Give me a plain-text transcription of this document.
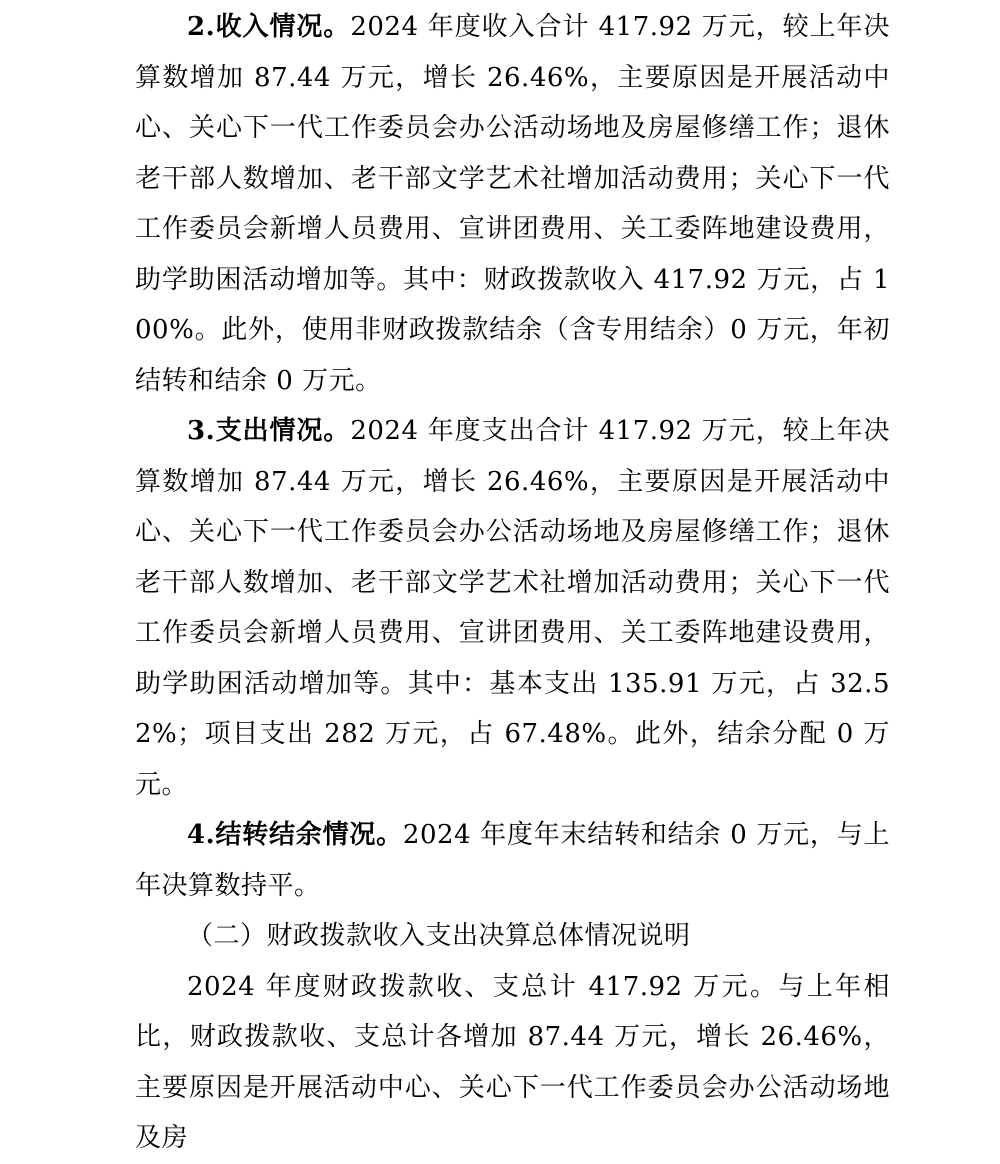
2.收入情况。2024 年度收入合计 417.92 万元，较上年决算数增加 87.44 万元，增长 26.46%，主要原因是开展活动中心、关心下一代工作委员会办公活动场地及房屋修缮工作；退休老干部人数增加、老干部文学艺术社增加活动费用；关心下一代工作委员会新增人员费用、宣讲团费用、关工委阵地建设费用，助学助困活动增加等。其中：财政拨款收入 417.92 万元，占 100%。此外，使用非财政拨款结余（含专用结余）0 万元，年初结转和结余 0 万元。

3.支出情况。2024 年度支出合计 417.92 万元，较上年决算数增加 87.44 万元，增长 26.46%，主要原因是开展活动中心、关心下一代工作委员会办公活动场地及房屋修缮工作；退休老干部人数增加、老干部文学艺术社增加活动费用；关心下一代工作委员会新增人员费用、宣讲团费用、关工委阵地建设费用，助学助困活动增加等。其中：基本支出 135.91 万元，占 32.52%；项目支出 282 万元，占 67.48%。此外，结余分配 0 万元。

4.结转结余情况。2024 年度年末结转和结余 0 万元，与上年决算数持平。

（二）财政拨款收入支出决算总体情况说明

2024 年度财政拨款收、支总计 417.92 万元。与上年相比，财政拨款收、支总计各增加 87.44 万元，增长 26.46%，主要原因是开展活动中心、关心下一代工作委员会办公活动场地及房
